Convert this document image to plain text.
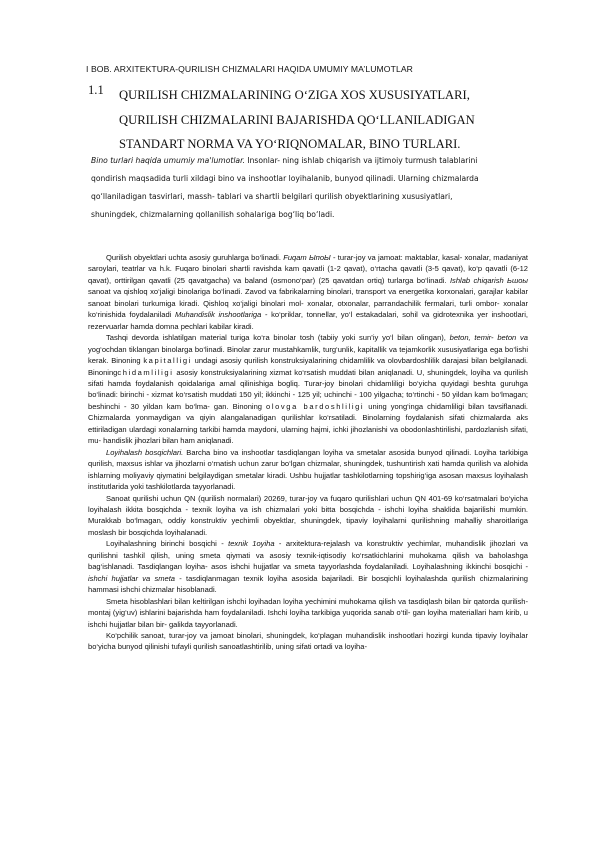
I BOB. ARXITEKTURA-QURILISH CHIZMALARI HAQIDA UMUMIY MA’LUMOTLAR
1.1 QURILISH CHIZMALARINING O‘ZIGA XOS XUSUSIYATLARI,
QURILISH CHIZMALARINI BAJARISHDA QO‘LLANILADIGAN
STANDART NORMA VA YO‘RIQNOMALAR, BINO TURLARI.
Bino turlari haqida umumiy ma'lumotlar. Insonlar- ning ishlab chiqarish va ijtimoiy turmush talablarini
qondirish maqsadida turli xildagi bino va inshootlar loyihalanib, bunyod qilinadi. Ularning chizmalarda
qo‘llaniladigan tasvirlari, massh- tablari va shartli belgilari qurilish obyektlarining xususiyatlari,
shuningdek, chizmalarning qollanilish sohalariga bog‘liq bo‘ladi.

Qurilish obyektlari uchta asosiy guruhlarga bo‘linadi. Fuqam ЫпоЫ - turar-joy va jamoat: maktablar, kasal- xonalar, madaniyat saroylari, teatrlar va h.k. Fuqaro binolari shartli ravishda kam qavatli (1-2 qavat), o‘rtacha qavatli (3-5 qavat), ko‘p qavatli (6-12 qavat), orttirilgan qavatli (25 qavatgacha) va baland (osmono‘par) (25 qavatdan ortiq) turlarga bo‘linadi. Ishlab chiqarish Ьшоы sanoat va qishloq xo‘jaligi binolariga bo‘linadi. Zavod va fabrikalarning binolari, transport va energetika korxonalari, garajlar kabilar sanoat binolari turkumiga kiradi. Qishloq xo‘jaligi binolari mol- xonalar, otxonalar, parrandachilik fermalari, turli ombor- xonalar ko‘rinishida foydalaniladi Muhandislik inshootlariga - ko‘priklar, tonnellar, yo‘l estakadalari, sohil va gidrotexnika yer inshootlari, rezervuarlar hamda domna pechlari kabilar kiradi.

Tashqi devorda ishlatilgan material turiga ko‘ra binolar tosh (tabiiy yoki sun’iy yo‘l bilan olingan), beton, temir- beton va yog‘ochdan tiklangan binolarga bo‘linadi. Binolar zarur mustahkamlik, turg‘unlik, kapitallik va tejamkorlik xususiyatlariga ega bo‘lishi kerak. Binoning kapitalligi undagi asosiy qurilish konstruksiyalarining chidamlilik va olovbardoshlilik darajasi bilan belgilanadi. Binoningchidamliligi asosiy konstruksiyalarining xizmat ko‘rsatish muddati bilan aniqlanadi. U, shuningdek, loyiha va qurilish sifati hamda foydalanish qoidalariga amal qilinishiga bogliq. Turar-joy binolari chidamliligi bo‘yicha quyidagi beshta guruhga bo‘linadi: birinchi - xizmat ko‘rsatish muddati 150 yil; ikkinchi - 125 yil; uchinchi - 100 yilgacha; to‘rtinchi - 50 yildan kam bo‘lmagan; beshinchi - 30 yildan kam bo‘lma- gan. Binoning olovga bardoshliligi uning yong‘inga chidamliligi bilan tavsiflanadi. Chizmalarda yonmaydigan va qiyin alangalanadigan qurilishlar ko‘rsatiladi. Binolarning foydalanish sifati chizmalarda aks ettiriladigan ulardagi xonalarning tarkibi hamda maydoni, ularning hajmi, ichki jihozlanishi va obodonlashtirilishi, pardozlanish sifati, mu- handislik jihozlari bilan ham aniqlanadi.

Loyihalash bosqichlari. Barcha bino va inshootlar tasdiqlangan loyiha va smetalar asosida bunyod qilinadi. Loyiha tarkibiga qurilish, maxsus ishlar va jihozlarni o‘rnatish uchun zarur bo‘lgan chizmalar, shuningdek, tushuntirish xati hamda qurilish va alohida ishlarning moliyaviy qiymatini belgilaydigan smetalar kiradi. Ushbu hujjatlar tashkilotlarning topshirig‘iga asosan maxsus loyihalash institutlarida yoki tashkilotlarda tayyorlanadi.

Sanoat qurilishi uchun QN (qurilish normalari) 20269, turar-joy va fuqaro qurilishlari uchun QN 401-69 ko‘rsatmalari bo‘yicha loyihalash ikkita bosqichda - texnik loyiha va ish chizmalari yoki bitta bosqichda - ishchi loyiha shaklida bajarilishi mumkin. Murakkab bo‘lmagan, oddiy konstruktiv yechimli obyektlar, shuningdek, tipaviy loyihalarni qurilishning mahalliy sharoitlariga moslash bir bosqichda loyihalanadi.

Loyihalashning birinchi bosqichi - texnik 1оyiha - arxitektura-rejalash va konstruktiv yechimlar, muhandislik jihozlari va qurilishni tashkil qilish, uning smeta qiymati va asosiy texnik-iqtisodiy ko‘rsatkichlarini muhokama qilish va baholashga bag‘ishlanadi. Tasdiqlangan loyiha- asos ishchi hujjatlar va smeta tayyorlashda foydalaniladi. Loyihalashning ikkinchi bosqichi - ishchi hujjatlar va smeta - tasdiqlanmagan texnik loyiha asosida bajariladi. Bir bosqichli loyihalashda qurilish chizmalarining hammasi ishchi chizmalar hisoblanadi.

Smeta hisoblashlari bilan keltirilgan ishchi loyihadan loyiha yechimini muhokama qilish va tasdiqlash bilan bir qatorda qurilish-montaj (yig‘uv) ishlarini bajarishda ham foydalaniladi. Ishchi loyiha tarkibiga yuqorida sanab o‘til- gan loyiha materiallari ham kirib, u ishchi hujjatlar bilan bir- galikda tayyorlanadi.

Ko‘pchilik sanoat, turar-joy va jamoat binolari, shuningdek, ko‘plagan muhandislik inshootlari hozirgi kunda tipaviy loyihalar bo‘yicha bunyod qilinishi tufayli qurilish sanoatlashtirilib, uning sifati ortadi va loyiha-
